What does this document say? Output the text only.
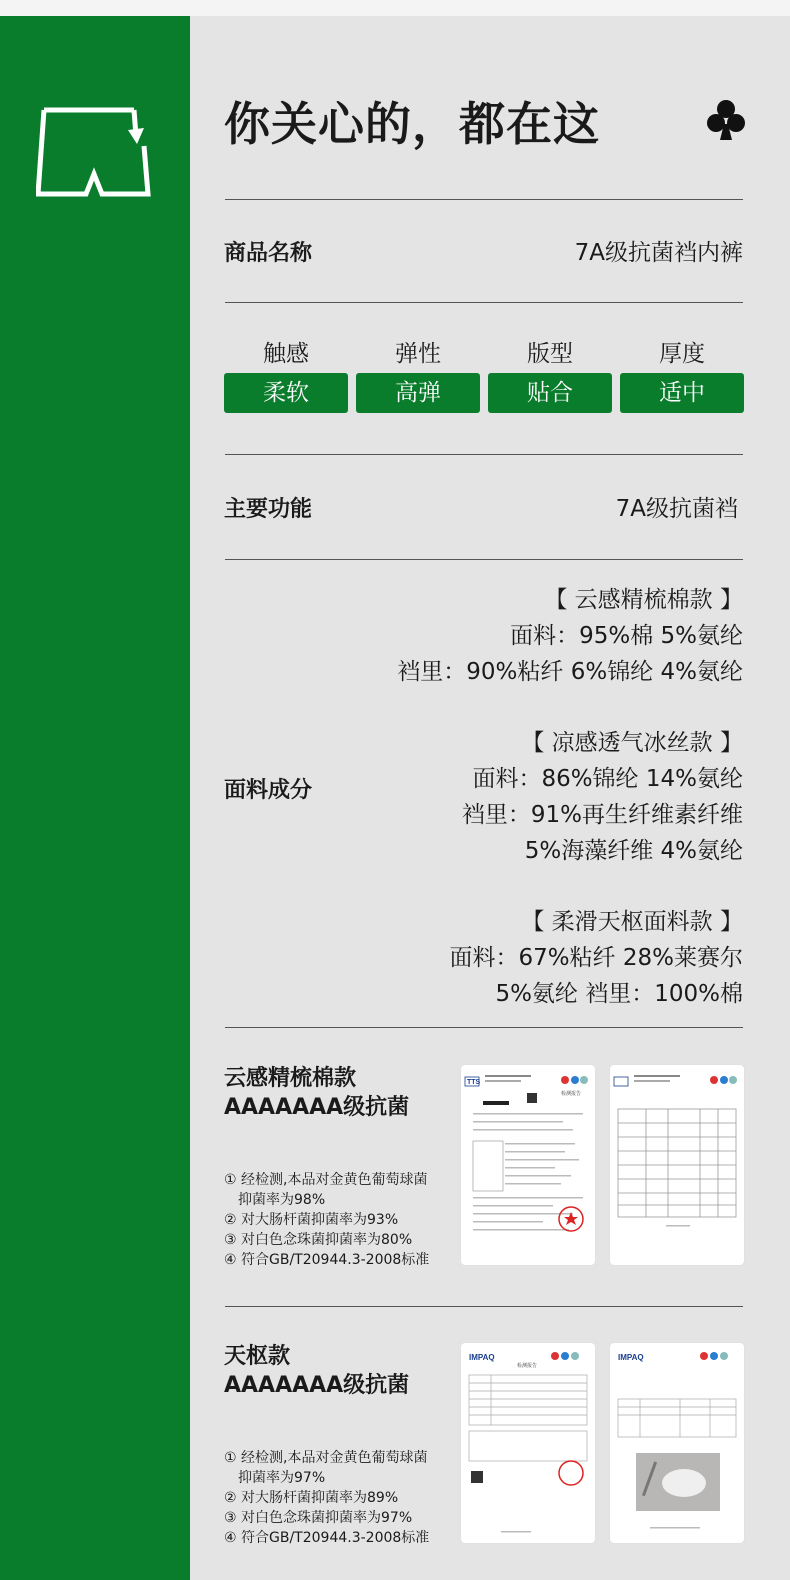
你关心的，都在这
商品名称	7A级抗菌裆内裤
触感
柔软
弹性
高弹
版型
贴合
厚度
适中
主要功能	7A级抗菌裆
面料成分
【 云感精梳棉款 】
面料：95%棉 5%氨纶
裆里：90%粘纤 6%锦纶 4%氨纶
【 凉感透气冰丝款 】
面料：86%锦纶 14%氨纶
裆里：91%再生纤维素纤维
5%海藻纤维 4%氨纶
【 柔滑天枢面料款 】
面料：67%粘纤 28%莱赛尔
5%氨纶 裆里：100%棉
云感精梳棉款
AAAAAAA级抗菌
① 经检测,本品对金黄色葡萄球菌
抑菌率为98%
② 对大肠杆菌抑菌率为93%
③ 对白色念珠菌抑菌率为80%
④ 符合GB/T20944.3-2008标准
TTS
检测报告
天枢款
AAAAAAA级抗菌
① 经检测,本品对金黄色葡萄球菌
抑菌率为97%
② 对大肠杆菌抑菌率为89%
③ 对白色念珠菌抑菌率为97%
④ 符合GB/T20944.3-2008标准
IMPAQ
检测报告
IMPAQ
